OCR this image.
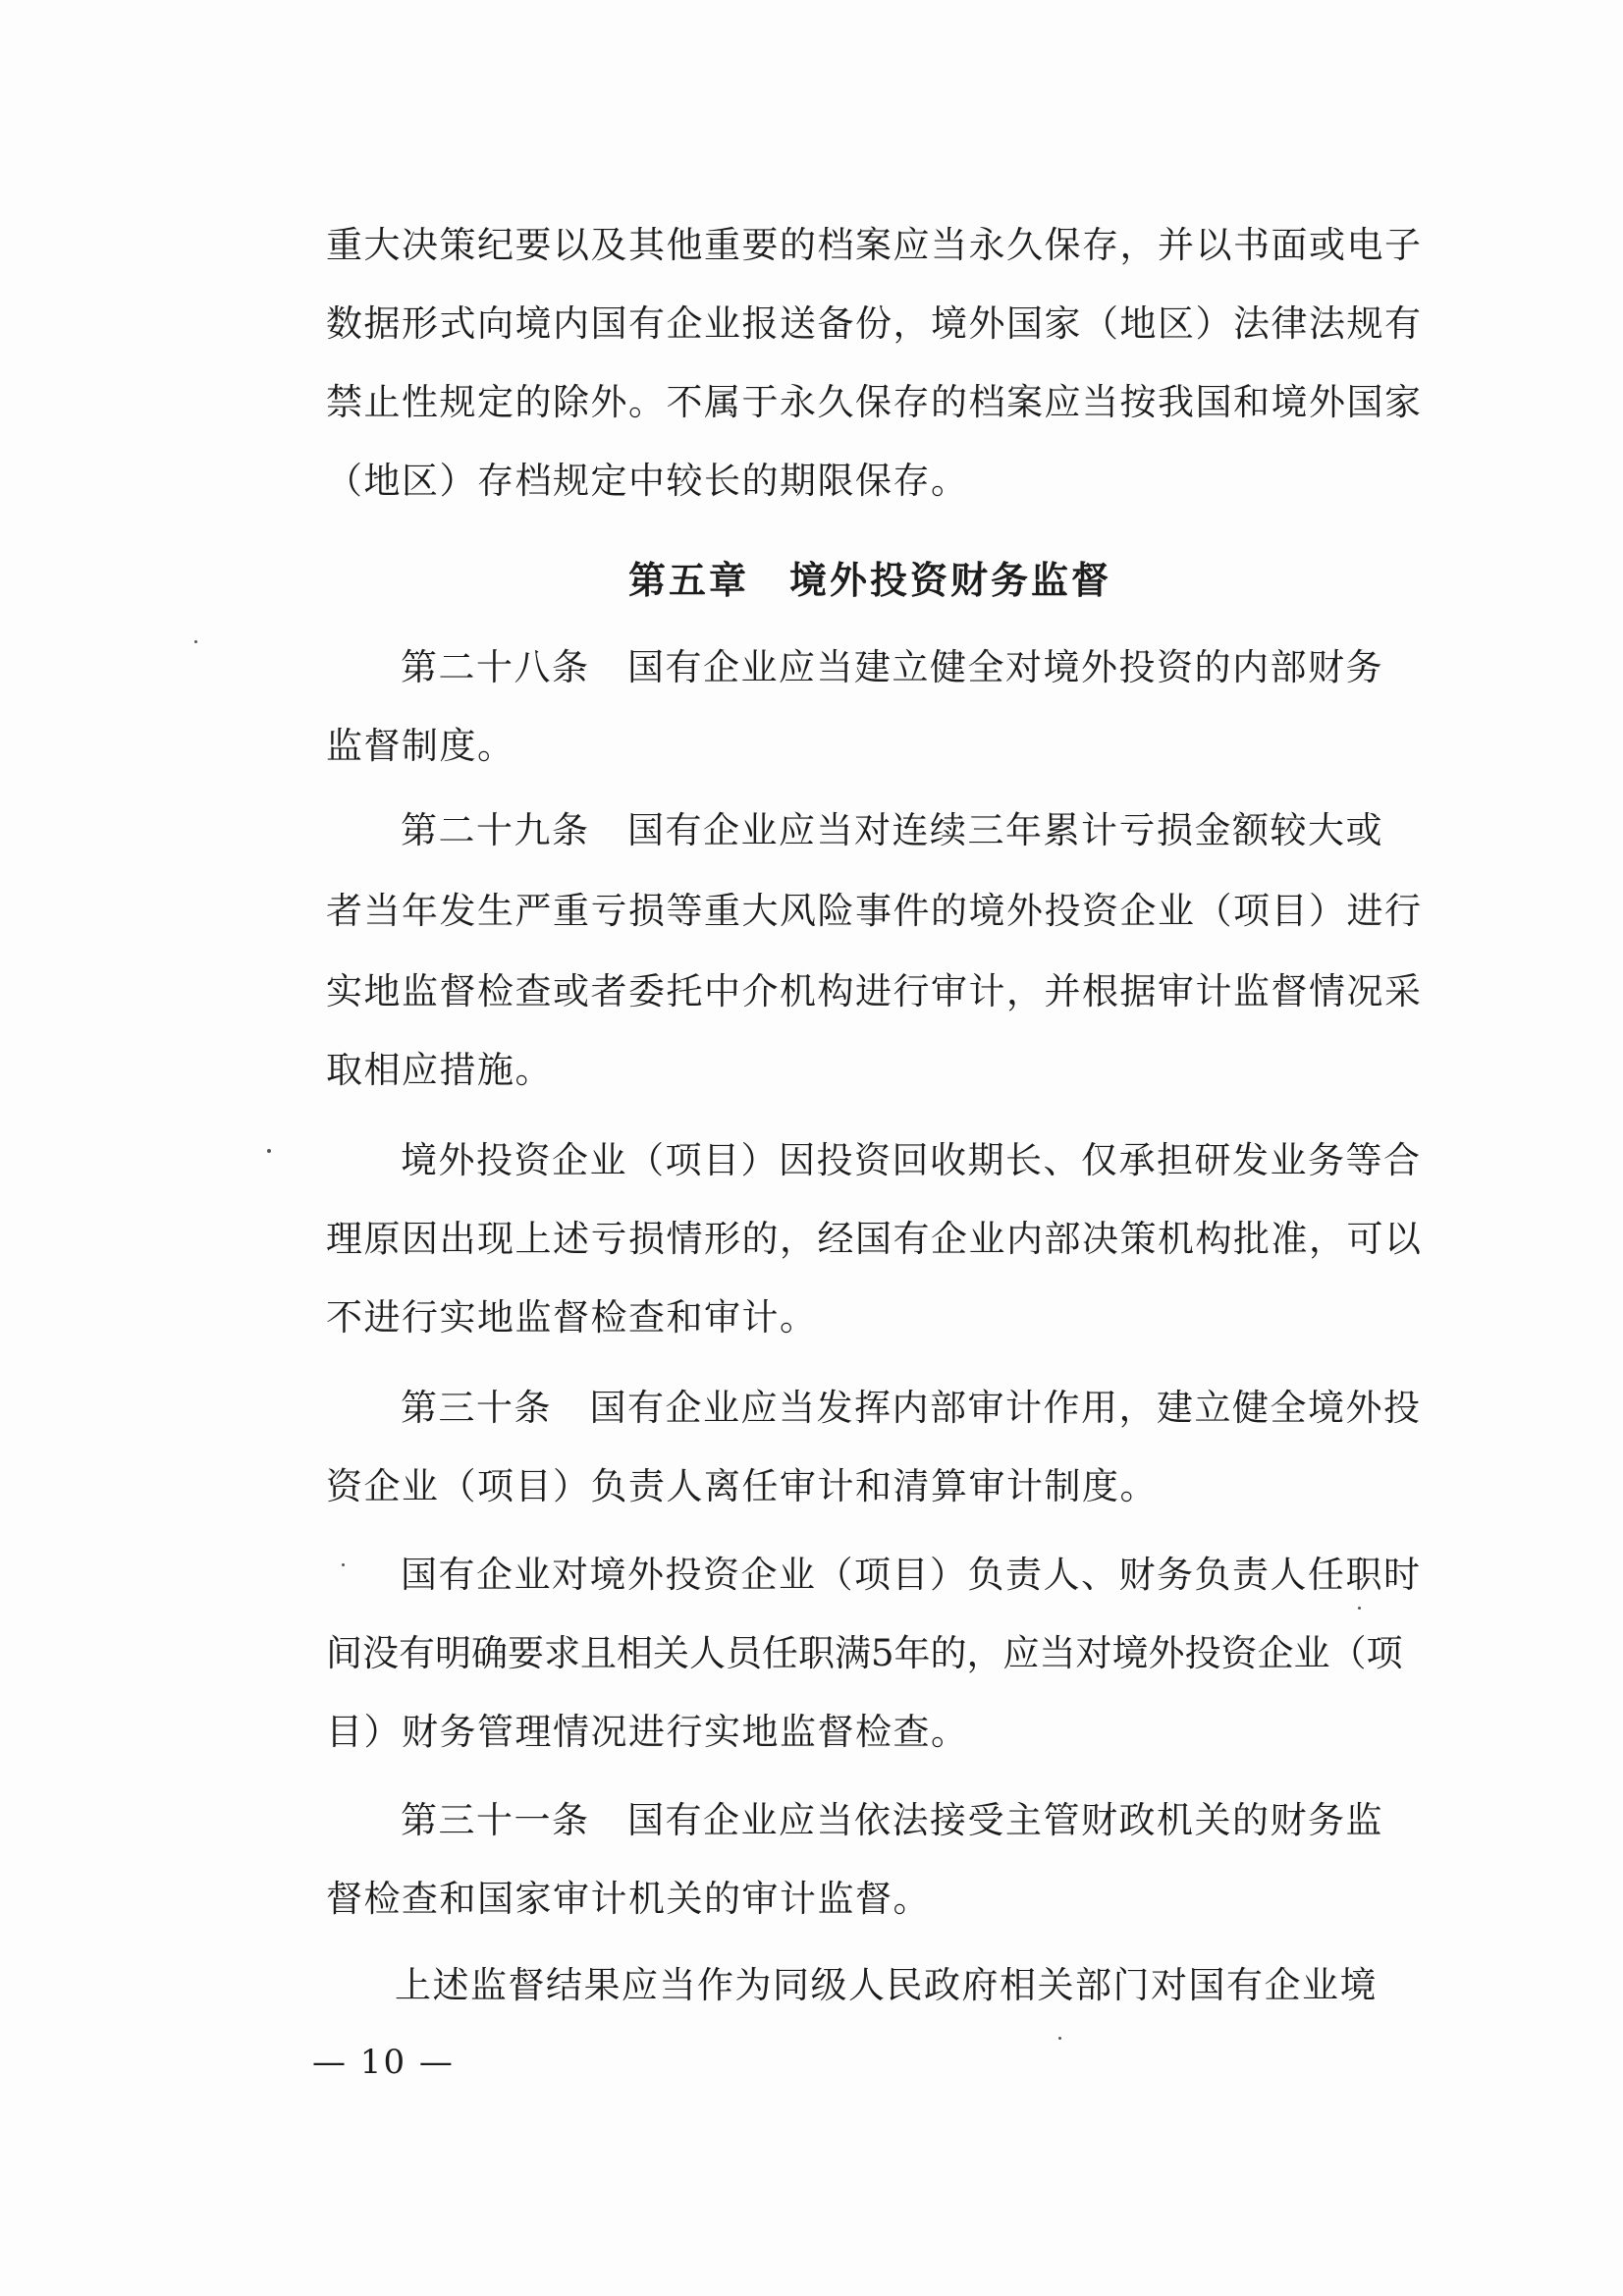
重大决策纪要以及其他重要的档案应当永久保存，并以书面或电子
数据形式向境内国有企业报送备份，境外国家（地区）法律法规有
禁止性规定的除外。不属于永久保存的档案应当按我国和境外国家
（地区）存档规定中较长的期限保存。
第五章　境外投资财务监督
第二十八条　国有企业应当建立健全对境外投资的内部财务
监督制度。
第二十九条　国有企业应当对连续三年累计亏损金额较大或
者当年发生严重亏损等重大风险事件的境外投资企业（项目）进行
实地监督检查或者委托中介机构进行审计，并根据审计监督情况采
取相应措施。
境外投资企业（项目）因投资回收期长、仅承担研发业务等合
理原因出现上述亏损情形的，经国有企业内部决策机构批准，可以
不进行实地监督检查和审计。
第三十条　国有企业应当发挥内部审计作用，建立健全境外投
资企业（项目）负责人离任审计和清算审计制度。
国有企业对境外投资企业（项目）负责人、财务负责人任职时
间没有明确要求且相关人员任职满5年的，应当对境外投资企业（项
目）财务管理情况进行实地监督检查。
第三十一条　国有企业应当依法接受主管财政机关的财务监
督检查和国家审计机关的审计监督。
上述监督结果应当作为同级人民政府相关部门对国有企业境
— 10 —
